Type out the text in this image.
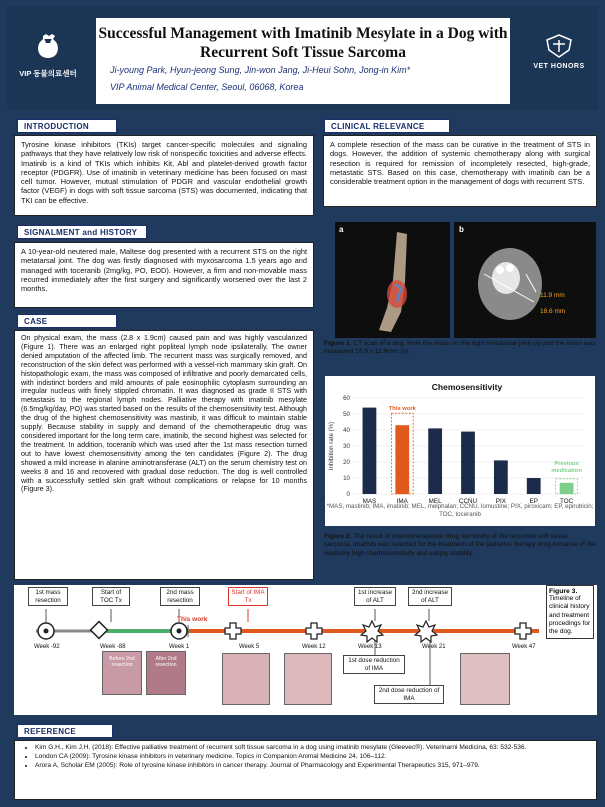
VIP 동물의료센터
Successful Management with Imatinib Mesylate in a Dog with Recurrent Soft Tissue Sarcoma
Ji-young Park, Hyun-jeong Sung, Jin-won Jang, Ji-Heui Sohn, Jong-in Kim*
VIP Animal Medical Center, Seoul, 06068, Korea
VET HONORS
INTRODUCTION
Tyrosine kinase inhibitors (TKIs) target cancer-specific molecules and signaling pathways that they have relatively low risk of nonspecific toxicities and adverse effects. Imatinib is a kind of TKIs which inhibits Kit, Abl and platelet-derived growth factor receptor (PDGFR). Use of imatinib in veterinary medicine has been focused on mast cell tumor. However, mutual stimulation of PDGR and vascular endothelial growth factor (VEGF) in dogs with soft tissue sarcoma (STS) was documented, indicating that TKI can be effective.
SIGNALMENT and HISTORY
A 10-year-old neutered male, Maltese dog presented with a recurrent STS on the right metatarsal joint. The dog was firstly diagnosed with myxosarcoma 1.5 years ago and managed with toceranib (2mg/kg, PO, EOD). However, a firm and non-movable mass recurred immediately after the first surgery and significantly worsened over the last 2 months.
CASE
On physical exam, the mass (2.8 x 1.9cm) caused pain and was highly vascularized (Figure 1). There was an enlarged right popliteal lymph node ipsilaterally. The owner denied amputation of the affected limb. The recurrent mass was surgically removed, and reconstruction of the skin defect was performed with a vessel-rich mammary skin graft. On histopathologic exam, the mass was composed of infiltrative and poorly demarcated cells, with indistinct borders and mild amounts of pale eosinophilic cytoplasm surrounding an irregular nucleus with finely stippled chromatin. It was diagnosed as grade II STS with metastasis to the regional lymph nodes. Palliative therapy with imatinib mesylate (6.5mg/kg/day, PO) was started based on the results of the chemosensitivity test. Although the drug of the highest chemosensitivity was mastinib, it was difficult to maintain stable supply. Because stability in supply and demand of the chemotherapeutic drug was considered important for the long term care, imatinib, the second highest was selected for the treatment. In addition, toceranib which was used after the 1st mass resection turned out to have lowest chemosensitivity among the ten candidates (Figure 2). The drug showed a mild increase in alanine aminotransferase (ALT) on the serum chemistry test on weeks 8 and 16 and recovered with gradual dose reduction. The dog is well controlled with a successfully settled skin graft without complications or relapse for 10 months (Figure 3).
CLINICAL RELEVANCE
A complete resection of the mass can be curative in the treatment of STS in dogs. However, the addition of systemic chemotherapy along with surgical resection is required for remission of incompletely resected, high-grade, metastatic STS. Based on this case, chemotherapy with imatinib can be a considerable treatment option in the management of dogs with recurrent STS.
a	b
11.9 mm
18.6 mm
Figure 1. CT scan of a dog. Note the mass on the right metatarsal joint (a) and the mass was measured 18.6 x 11.9mm (b).
Chemosensitivity
0
10
20
30
40
50
60
Inhibition rate (%)
MAS	IMA	MEL	CCNU	PIX	EP	TOC
This work
Previous
medication
*MAS, mastinib; IMA, imatinib; MEL, melphalan; CCNU, lomustine; PIX, piroxicam; EP, epirubicin; TOC, toceranib
Figure 2. The result of chemotherapeutic drug sensitivity of the recurrent soft tissue sarcoma. Imatinib was selected for the treatment of the palliative therapy drug because of the relatively high chemosensitivity and supply stability.
1st mass resection
Start of TOC Tx
2nd mass resection
Start of IMA Tx
1st increase of ALT
2nd increase of ALT
This work
1st dose reduction of IMA
2nd dose reduction of IMA
Week -92	Week -88	Week 1	Week 5	Week 12	Week 13	Week 21	Week 47
Before 2nd resection
After 2nd resection
Figure 3.
Timeline of clinical history and treatment procedings for the dog.
REFERENCE
• Kim G.H., Kim J.H. (2018): Effective palliative treatment of recurrent soft tissue sarcoma in a dog using imatinib mesylate (Gleevec®). Veterinarni Medicina, 63: 532-536.
• London CA (2009): Tyrosine kinase inhibitors in veterinary medicine. Topics in Companion Animal Medicine 24, 106–112.
• Arora A, Scholar EM (2005): Role of tyrosine kinase inhibitors in cancer therapy. Journal of Pharmacology and Experimental Therapeutics 315, 971–979.
